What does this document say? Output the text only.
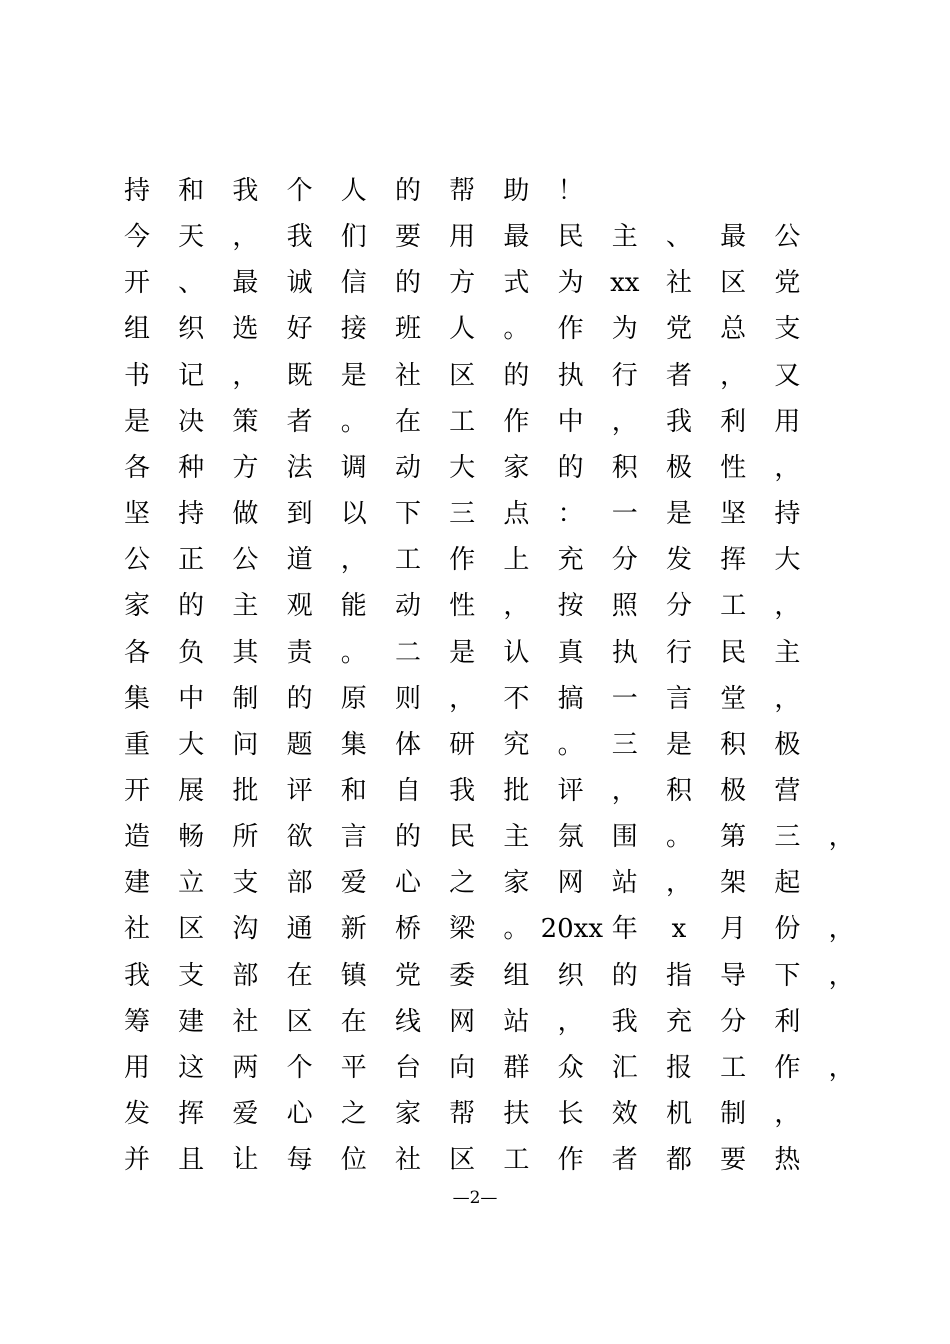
持 和 我 个 人 的 帮 助 ！
今 天 ， 我 们 要 用 最 民 主 、 最 公
开 、 最 诚 信 的 方 式 为	xx	社 区 党
组 织 选 好 接 班 人 。 作 为 党 总 支
书 记 ， 既 是 社 区 的 执 行 者 ， 又
是 决 策 者 。 在 工 作 中 ， 我 利 用
各 种 方 法 调 动 大 家 的 积 极 性 ，
坚 持 做 到 以 下 三 点 ： 一 是 坚 持
公 正 公 道 ， 工 作 上 充 分 发 挥 大
家 的 主 观 能 动 性 ， 按 照 分 工 ，
各 负 其 责 。 二 是 认 真 执 行 民 主
集 中 制 的 原 则 ， 不 搞 一 言 堂 ，
重 大 问 题 集 体 研 究 。 三 是 积 极
开 展 批 评 和 自 我 批 评 ， 积 极 营
造 畅 所 欲 言 的 民 主 氛 围 。 第 三 ，
建 立 支 部 爱 心 之 家 网 站 ， 架 起
社 区 沟 通 新 桥 梁 。 20xx 年 x 月 份 ，
我 支 部 在 镇 党 委 组 织 的 指 导 下 ，
筹 建 社 区 在 线 网 站 ， 我 充 分 利
用 这 两 个 平 台 向 群 众 汇 报 工 作 ，
发 挥 爱 心 之 家 帮 扶 长 效 机 制 ，
并 且 让 每 位 社 区 工 作 者 都 要 热
—2—
